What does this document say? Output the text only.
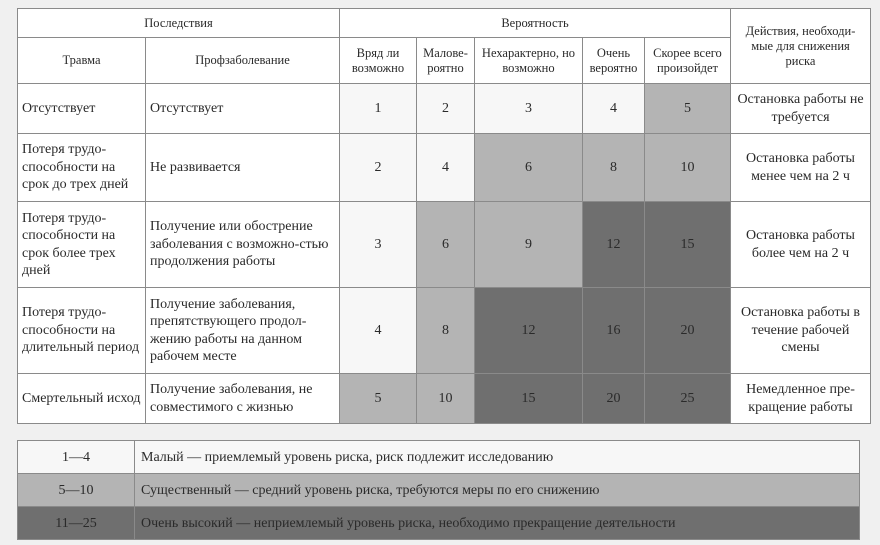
Последствия		Вероятность					Действия, необходи-мые для снижения риска
Травма	Профзаболевание	Вряд ли возможно	Малове-роятно	Нехарактерно, но возможно	Очень вероятно	Скорее всего произойдет	
Отсутствует	Отсутствует	1	2	3	4	5	Остановка работы не требуется
Потеря трудо-способности на срок до трех дней	Не развивается	2	4	6	8	10	Остановка работы менее чем на 2 ч
Потеря трудо-способности на срок более трех дней	Получение или обострение заболевания с возможно-стью продолжения работы	3	6	9	12	15	Остановка работы более чем на 2 ч
Потеря трудо-способности на длительный период	Получение заболевания, препятствующего продол-жению работы на данном рабочем месте	4	8	12	16	20	Остановка работы в течение рабочей смены
Смертельный исход	Получение заболевания, не совместимого с жизнью	5	10	15	20	25	Немедленное пре-кращение работы
1—4	Малый — приемлемый уровень риска, риск подлежит исследованию
5—10	Существенный — средний уровень риска, требуются меры по его снижению
11—25	Очень высокий — неприемлемый уровень риска, необходимо прекращение деятельности
